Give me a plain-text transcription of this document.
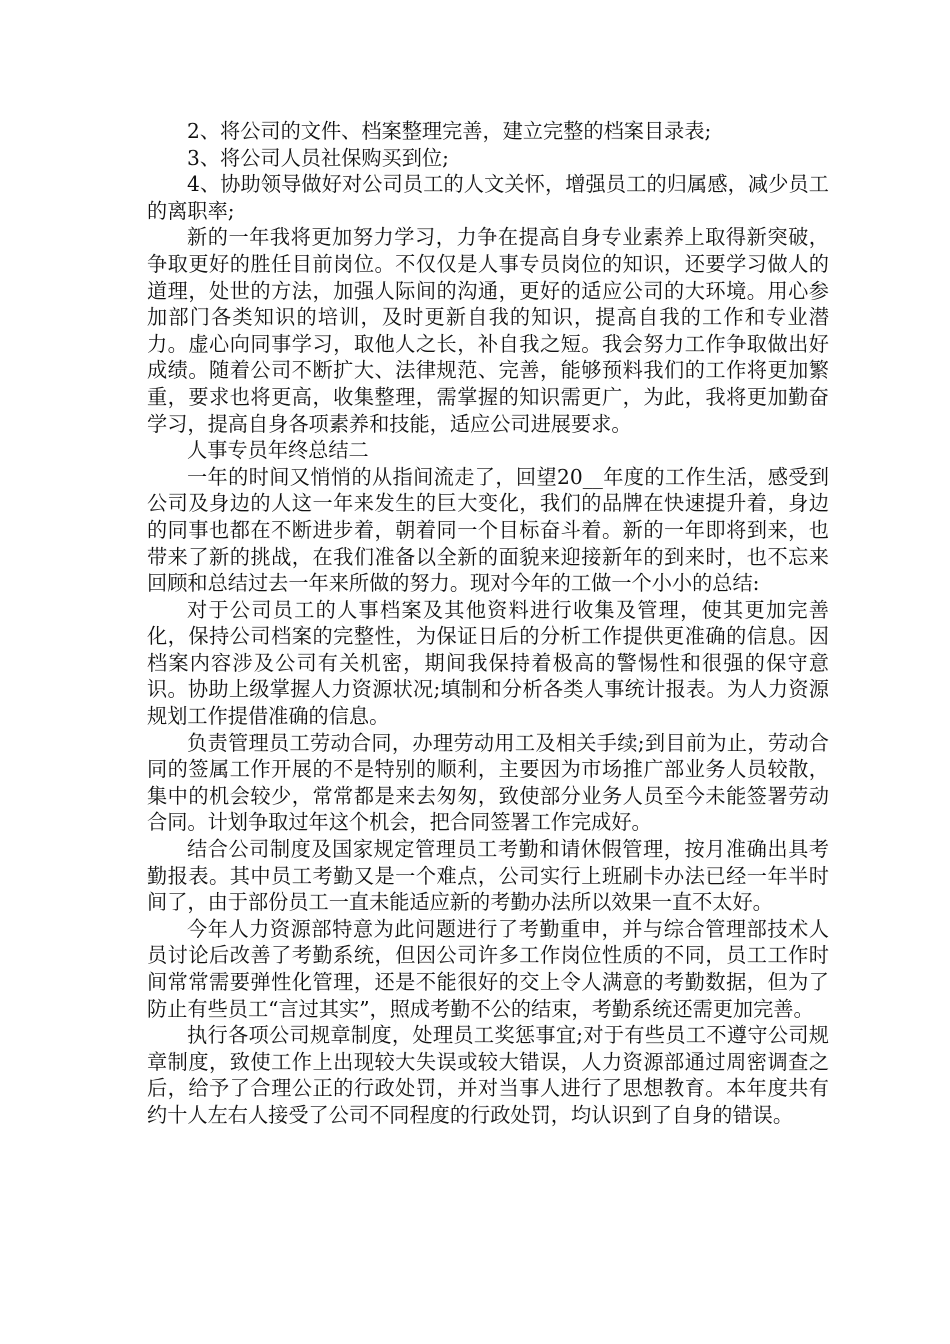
2、将公司的文件、档案整理完善，建立完整的档案目录表;

3、将公司人员社保购买到位;

4、协助领导做好对公司员工的人文关怀，增强员工的归属感，减少员工的离职率;

新的一年我将更加努力学习，力争在提高自身专业素养上取得新突破，争取更好的胜任目前岗位。不仅仅是人事专员岗位的知识，还要学习做人的道理，处世的方法，加强人际间的沟通，更好的适应公司的大环境。用心参加部门各类知识的培训，及时更新自我的知识，提高自我的工作和专业潜力。虚心向同事学习，取他人之长，补自我之短。我会努力工作争取做出好成绩。随着公司不断扩大、法律规范、完善，能够预料我们的工作将更加繁重，要求也将更高，收集整理，需掌握的知识需更广，为此，我将更加勤奋学习，提高自身各项素养和技能，适应公司进展要求。

人事专员年终总结二

一年的时间又悄悄的从指间流走了，回望20__年度的工作生活，感受到公司及身边的人这一年来发生的巨大变化，我们的品牌在快速提升着，身边的同事也都在不断进步着，朝着同一个目标奋斗着。新的一年即将到来，也带来了新的挑战，在我们准备以全新的面貌来迎接新年的到来时，也不忘来回顾和总结过去一年来所做的努力。现对今年的工做一个小小的总结:

对于公司员工的人事档案及其他资料进行收集及管理，使其更加完善化，保持公司档案的完整性，为保证日后的分析工作提供更准确的信息。因档案内容涉及公司有关机密，期间我保持着极高的警惕性和很强的保守意识。协助上级掌握人力资源状况;填制和分析各类人事统计报表。为人力资源规划工作提借准确的信息。

负责管理员工劳动合同，办理劳动用工及相关手续;到目前为止，劳动合同的签属工作开展的不是特别的顺利，主要因为市场推广部业务人员较散，集中的机会较少，常常都是来去匆匆，致使部分业务人员至今未能签署劳动合同。计划争取过年这个机会，把合同签署工作完成好。

结合公司制度及国家规定管理员工考勤和请休假管理，按月准确出具考勤报表。其中员工考勤又是一个难点，公司实行上班刷卡办法已经一年半时间了，由于部份员工一直未能适应新的考勤办法所以效果一直不太好。

今年人力资源部特意为此问题进行了考勤重申，并与综合管理部技术人员讨论后改善了考勤系统，但因公司许多工作岗位性质的不同，员工工作时间常常需要弹性化管理，还是不能很好的交上令人满意的考勤数据，但为了防止有些员工“言过其实”，照成考勤不公的结束，考勤系统还需更加完善。

执行各项公司规章制度，处理员工奖惩事宜;对于有些员工不遵守公司规章制度，致使工作上出现较大失误或较大错误，人力资源部通过周密调查之后，给予了合理公正的行政处罚，并对当事人进行了思想教育。本年度共有约十人左右人接受了公司不同程度的行政处罚，均认识到了自身的错误。
